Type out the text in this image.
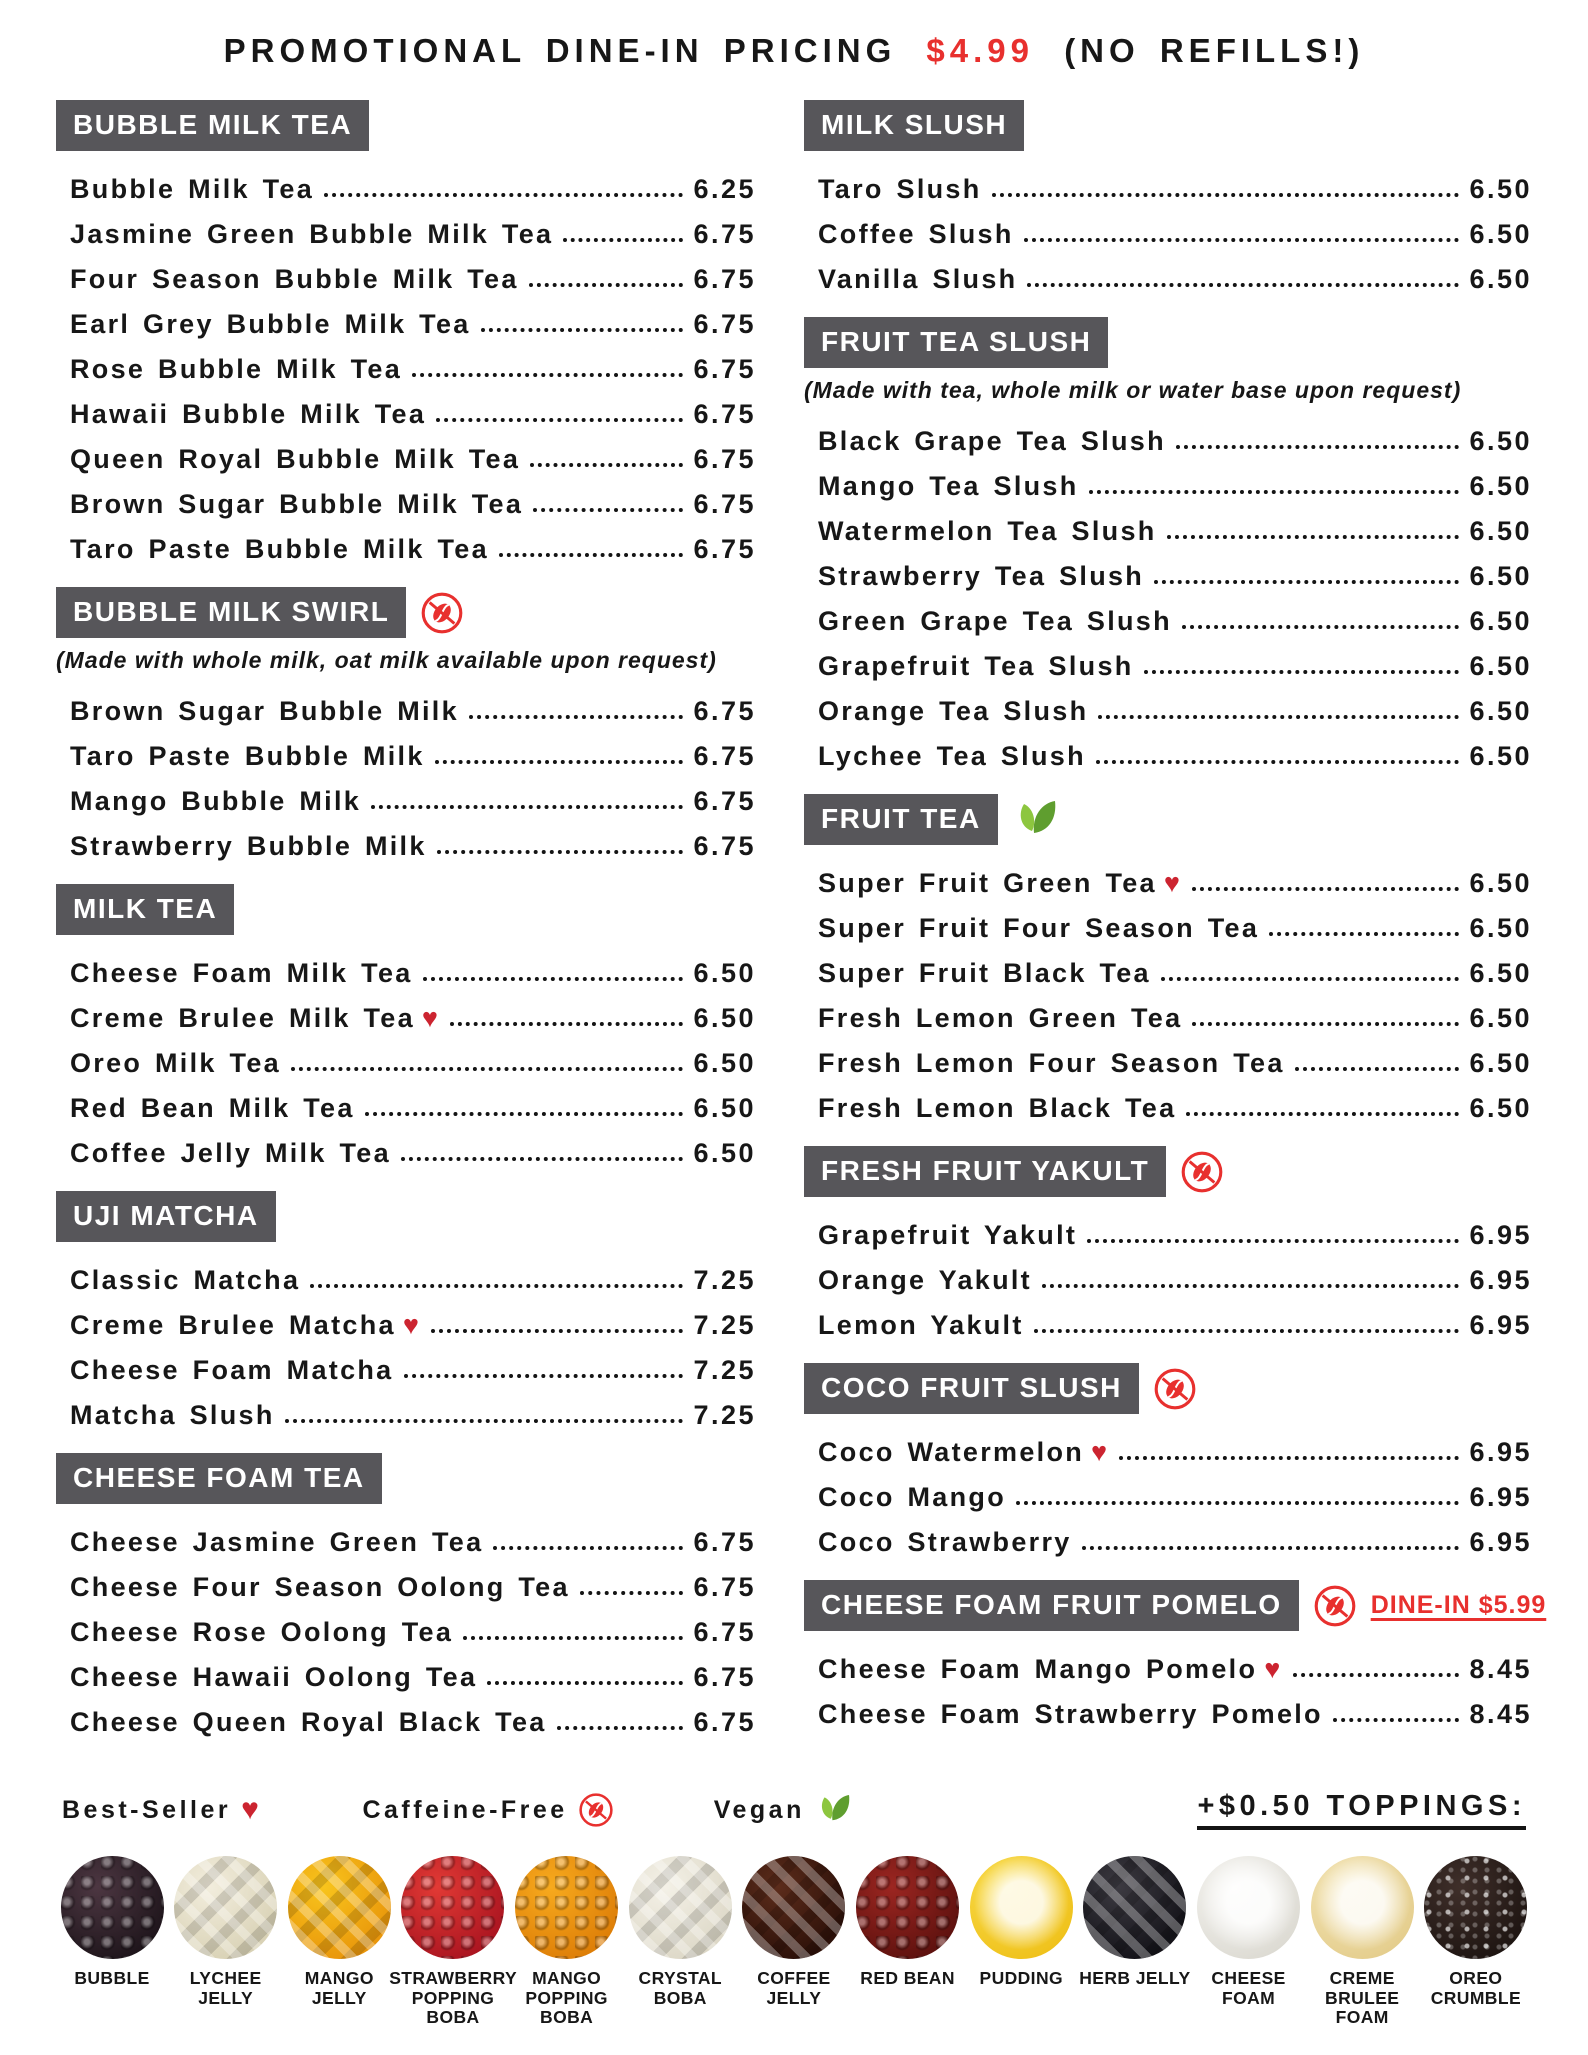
PROMOTIONAL DINE-IN PRICING $4.99 (NO REFILLS!)
BUBBLE MILK TEA
Bubble Milk Tea	6.25
Jasmine Green Bubble Milk Tea	6.75
Four Season Bubble Milk Tea	6.75
Earl Grey Bubble Milk Tea	6.75
Rose Bubble Milk Tea	6.75
Hawaii Bubble Milk Tea	6.75
Queen Royal Bubble Milk Tea	6.75
Brown Sugar Bubble Milk Tea	6.75
Taro Paste Bubble Milk Tea	6.75
BUBBLE MILK SWIRL
(Made with whole milk, oat milk available upon request)
Brown Sugar Bubble Milk	6.75
Taro Paste Bubble Milk	6.75
Mango Bubble Milk	6.75
Strawberry Bubble Milk	6.75
MILK TEA
Cheese Foam Milk Tea	6.50
Creme Brulee Milk Tea ♥	6.50
Oreo Milk Tea	6.50
Red Bean Milk Tea	6.50
Coffee Jelly Milk Tea	6.50
UJI MATCHA
Classic Matcha	7.25
Creme Brulee Matcha ♥	7.25
Cheese Foam Matcha	7.25
Matcha Slush	7.25
CHEESE FOAM TEA
Cheese Jasmine Green Tea	6.75
Cheese Four Season Oolong Tea	6.75
Cheese Rose Oolong Tea	6.75
Cheese Hawaii Oolong Tea	6.75
Cheese Queen Royal Black Tea	6.75
MILK SLUSH
Taro Slush	6.50
Coffee Slush	6.50
Vanilla Slush	6.50
FRUIT TEA SLUSH
(Made with tea, whole milk or water base upon request)
Black Grape Tea Slush	6.50
Mango Tea Slush	6.50
Watermelon Tea Slush	6.50
Strawberry Tea Slush	6.50
Green Grape Tea Slush	6.50
Grapefruit Tea Slush	6.50
Orange Tea Slush	6.50
Lychee Tea Slush	6.50
FRUIT TEA
Super Fruit Green Tea ♥	6.50
Super Fruit Four Season Tea	6.50
Super Fruit Black Tea	6.50
Fresh Lemon Green Tea	6.50
Fresh Lemon Four Season Tea	6.50
Fresh Lemon Black Tea	6.50
FRESH FRUIT YAKULT
Grapefruit Yakult	6.95
Orange Yakult	6.95
Lemon Yakult	6.95
COCO FRUIT SLUSH
Coco Watermelon ♥	6.95
Coco Mango	6.95
Coco Strawberry	6.95
CHEESE FOAM FRUIT POMELO	DINE-IN $5.99
Cheese Foam Mango Pomelo ♥	8.45
Cheese Foam Strawberry Pomelo	8.45
Best-Seller ♥	Caffeine-Free	Vegan	+$0.50 TOPPINGS:
BUBBLE	LYCHEE JELLY
MANGO JELLY
STRAWBERRY POPPING BOBA
MANGO POPPING BOBA
CRYSTAL BOBA
COFFEE JELLY
RED BEAN PUDDING HERB JELLY	CHEESE FOAM
CREME BRULEE FOAM
OREO CRUMBLE
